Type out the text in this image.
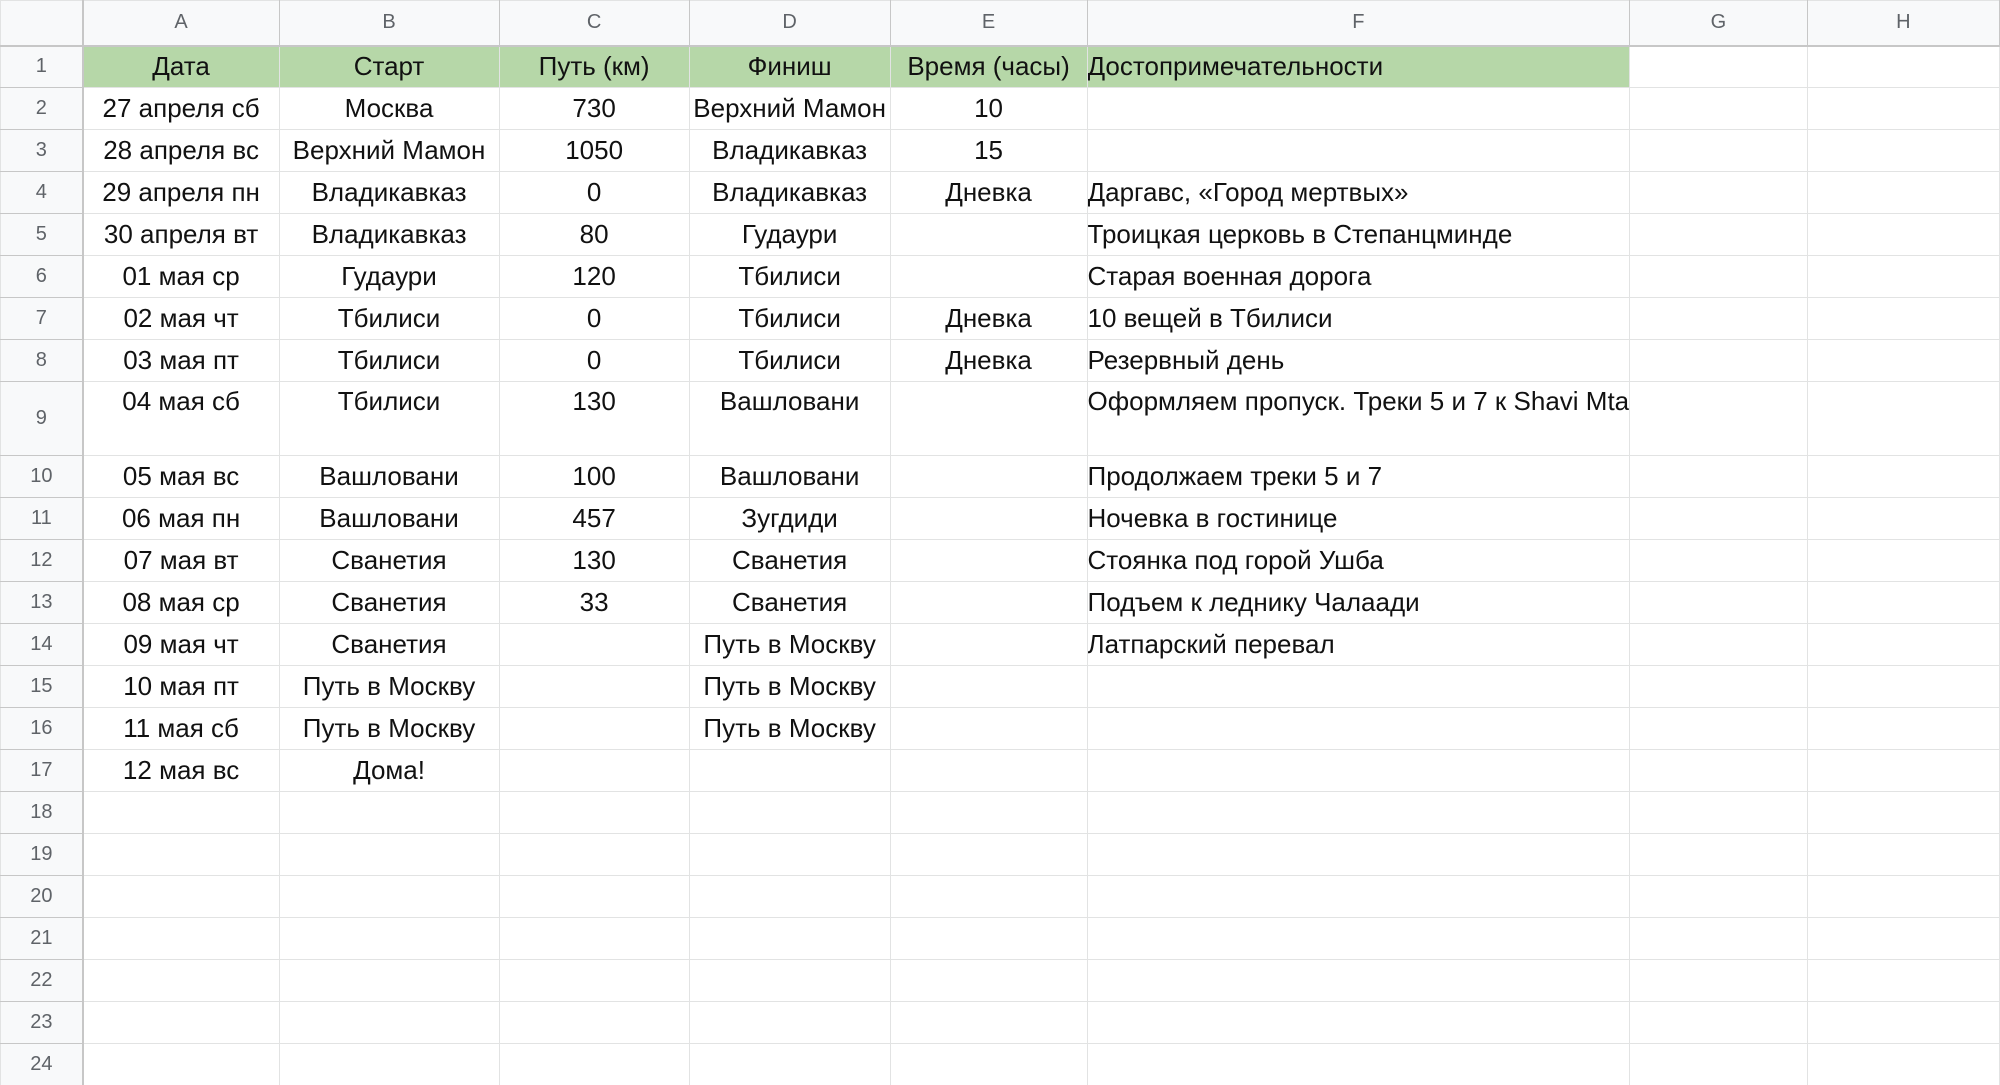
	A	B	C	D	E	F	G	H
1	Дата	Старт	Путь (км)	Финиш	Время (часы)	Достопримечательности		
2	27 апреля сб	Москва	730	Верхний Мамон	10			
3	28 апреля вс	Верхний Мамон	1050	Владикавказ	15			
4	29 апреля пн	Владикавказ	0	Владикавказ	Дневка	Даргавс, «Город мертвых»		
5	30 апреля вт	Владикавказ	80	Гудаури		Троицкая церковь в Степанцминде		
6	01 мая ср	Гудаури	120	Тбилиси		Старая военная дорога		
7	02 мая чт	Тбилиси	0	Тбилиси	Дневка	10 вещей в Тбилиси		
8	03 мая пт	Тбилиси	0	Тбилиси	Дневка	Резервный день		
9	04 мая сб	Тбилиси	130	Вашловани		Оформляем пропуск. Треки 5 и 7 к Shavi Mta		
10	05 мая вс	Вашловани	100	Вашловани		Продолжаем треки 5 и 7		
11	06 мая пн	Вашловани	457	Зугдиди		Ночевка в гостинице		
12	07 мая вт	Сванетия	130	Сванетия		Стоянка под горой Ушба		
13	08 мая ср	Сванетия	33	Сванетия		Подъем к леднику Чалаади		
14	09 мая чт	Сванетия		Путь в Москву		Латпарский перевал		
15	10 мая пт	Путь в Москву		Путь в Москву				
16	11 мая сб	Путь в Москву		Путь в Москву				
17	12 мая вс	Дома!						
18								
19								
20								
21								
22								
23								
24								
